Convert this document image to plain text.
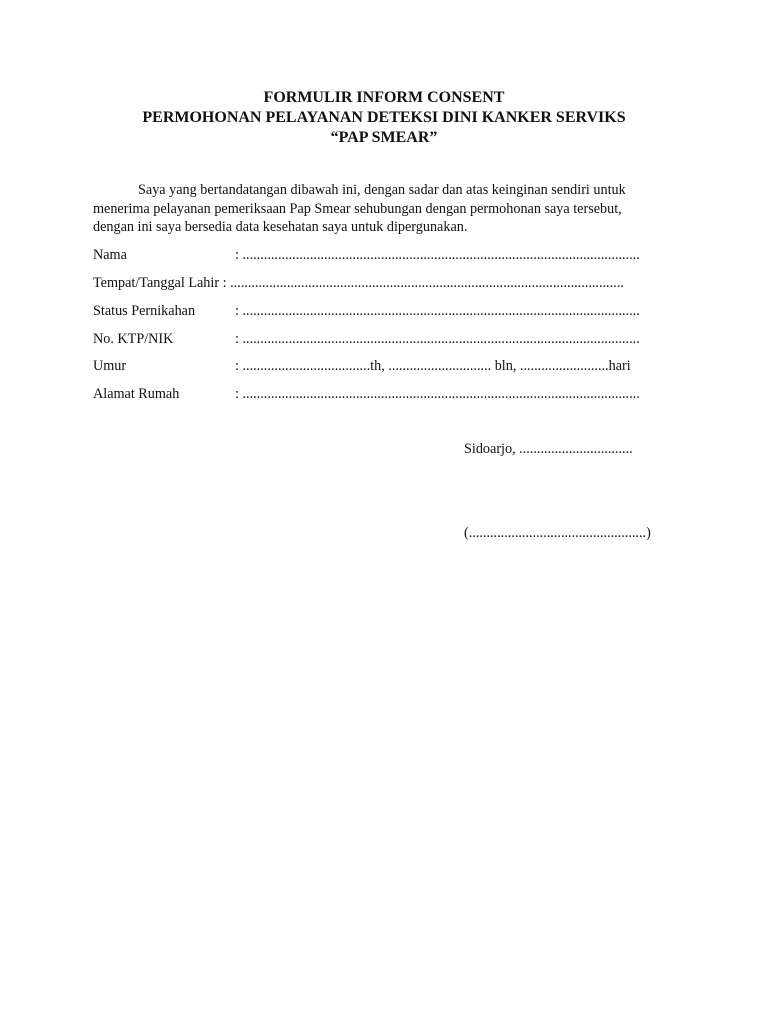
FORMULIR INFORM CONSENT
PERMOHONAN PELAYANAN DETEKSI DINI KANKER SERVIKS
“PAP SMEAR”
Saya yang bertandatangan dibawah ini, dengan sadar dan atas keinginan sendiri untuk
menerima pelayanan pemeriksaan Pap Smear sehubungan dengan permohonan saya tersebut,
dengan ini saya bersedia data kesehatan saya untuk dipergunakan.
Nama	: ................................................................................................................
Tempat/Tanggal Lahir : ...............................................................................................................
Status Pernikahan	: ................................................................................................................
No. KTP/NIK	: ................................................................................................................
Umur	: ....................................th, ............................. bln, .........................hari
Alamat Rumah	: ................................................................................................................
Sidoarjo, ................................
(..................................................)
